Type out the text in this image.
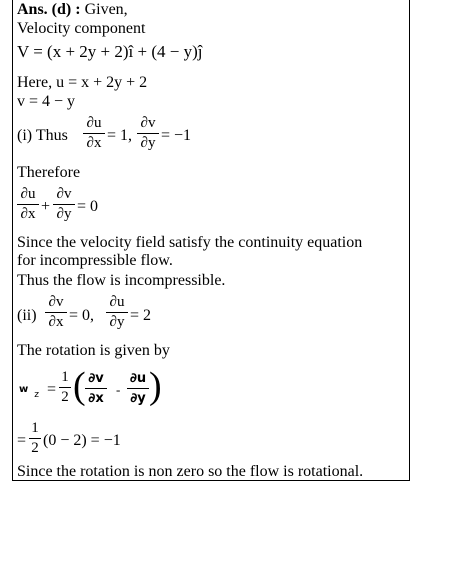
Ans. (d) : Given,
Velocity component
V = (x + 2y + 2)î + (4 − y)ĵ
Here, u = x + 2y + 2
v = 4 − y
(i) Thus
∂u
∂x = 1,
∂v
∂y = −1
Therefore
∂u
∂x +
∂v
∂y = 0
Since the velocity field satisfy the continuity equation
for incompressible flow.
Thus the flow is incompressible.
(ii)
∂v
∂x = 0,
∂u
∂y = 2
The rotation is given by
w z =
1
2 ( ∂v
∂x
-
∂u
∂y )
=
1
2 (0 − 2) = −1
Since the rotation is non zero so the flow is rotational.
